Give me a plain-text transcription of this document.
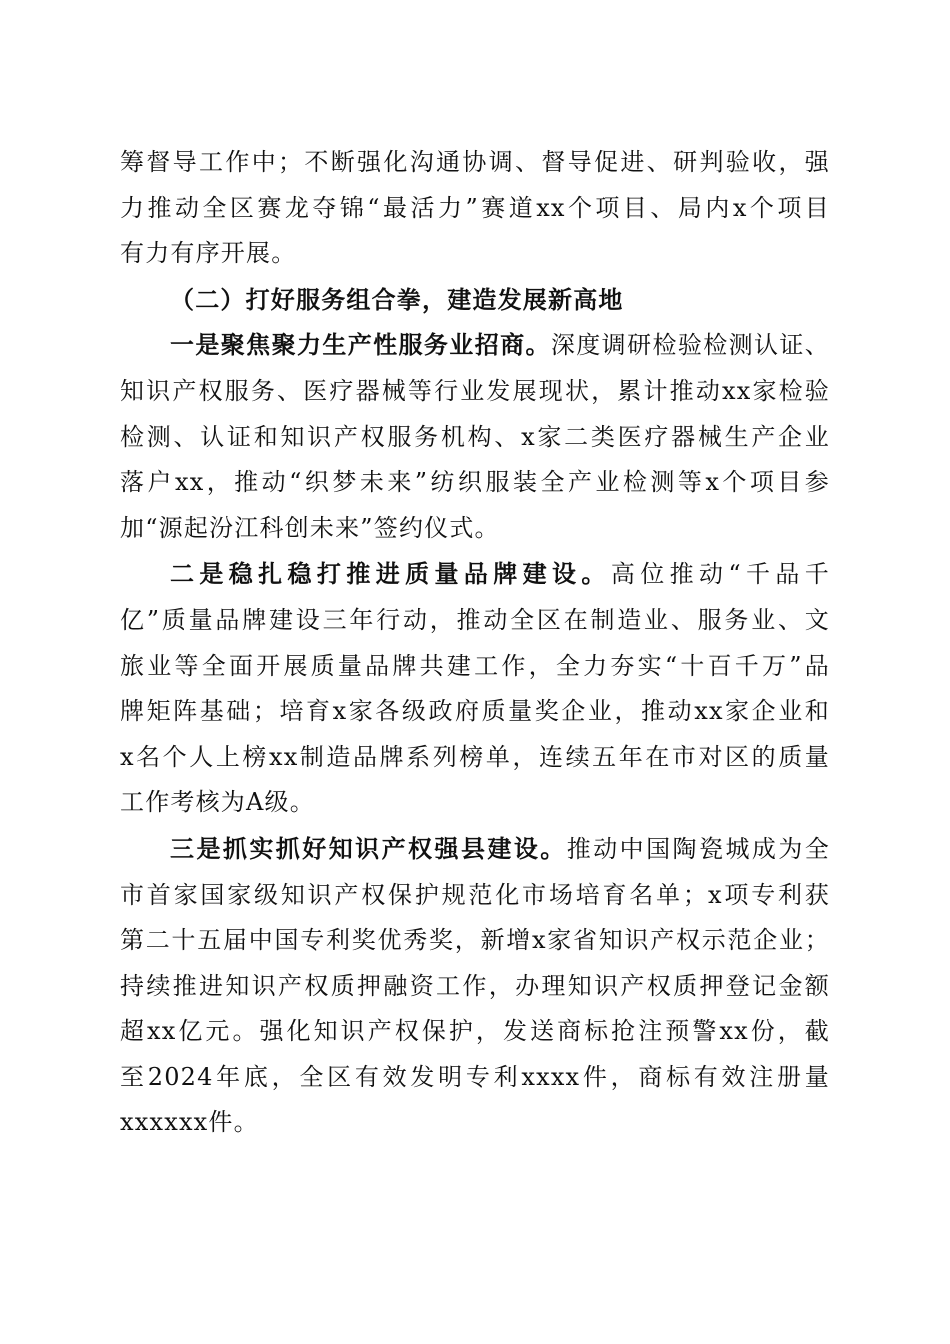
筹督导工作中；不断强化沟通协调、督导促进、研判验收，强
力推动全区赛龙夺锦“最活力”赛道xx个项目、局内x个项目
有力有序开展。

（二）打好服务组合拳，建造发展新高地

一是聚焦聚力生产性服务业招商。深度调研检验检测认证、
知识产权服务、医疗器械等行业发展现状，累计推动xx家检验
检测、认证和知识产权服务机构、x家二类医疗器械生产企业
落户xx，推动“织梦未来”纺织服装全产业检测等x个项目参
加“源起汾江科创未来”签约仪式。

二是稳扎稳打推进质量品牌建设。高位推动“千品千
亿”质量品牌建设三年行动，推动全区在制造业、服务业、文
旅业等全面开展质量品牌共建工作，全力夯实“十百千万”品
牌矩阵基础；培育x家各级政府质量奖企业，推动xx家企业和
x名个人上榜xx制造品牌系列榜单，连续五年在市对区的质量
工作考核为A级。

三是抓实抓好知识产权强县建设。推动中国陶瓷城成为全
市首家国家级知识产权保护规范化市场培育名单；x项专利获
第二十五届中国专利奖优秀奖，新增x家省知识产权示范企业；
持续推进知识产权质押融资工作，办理知识产权质押登记金额
超xx亿元。强化知识产权保护，发送商标抢注预警xx份，截
至2024年底，全区有效发明专利xxxx件，商标有效注册量
xxxxxx件。
